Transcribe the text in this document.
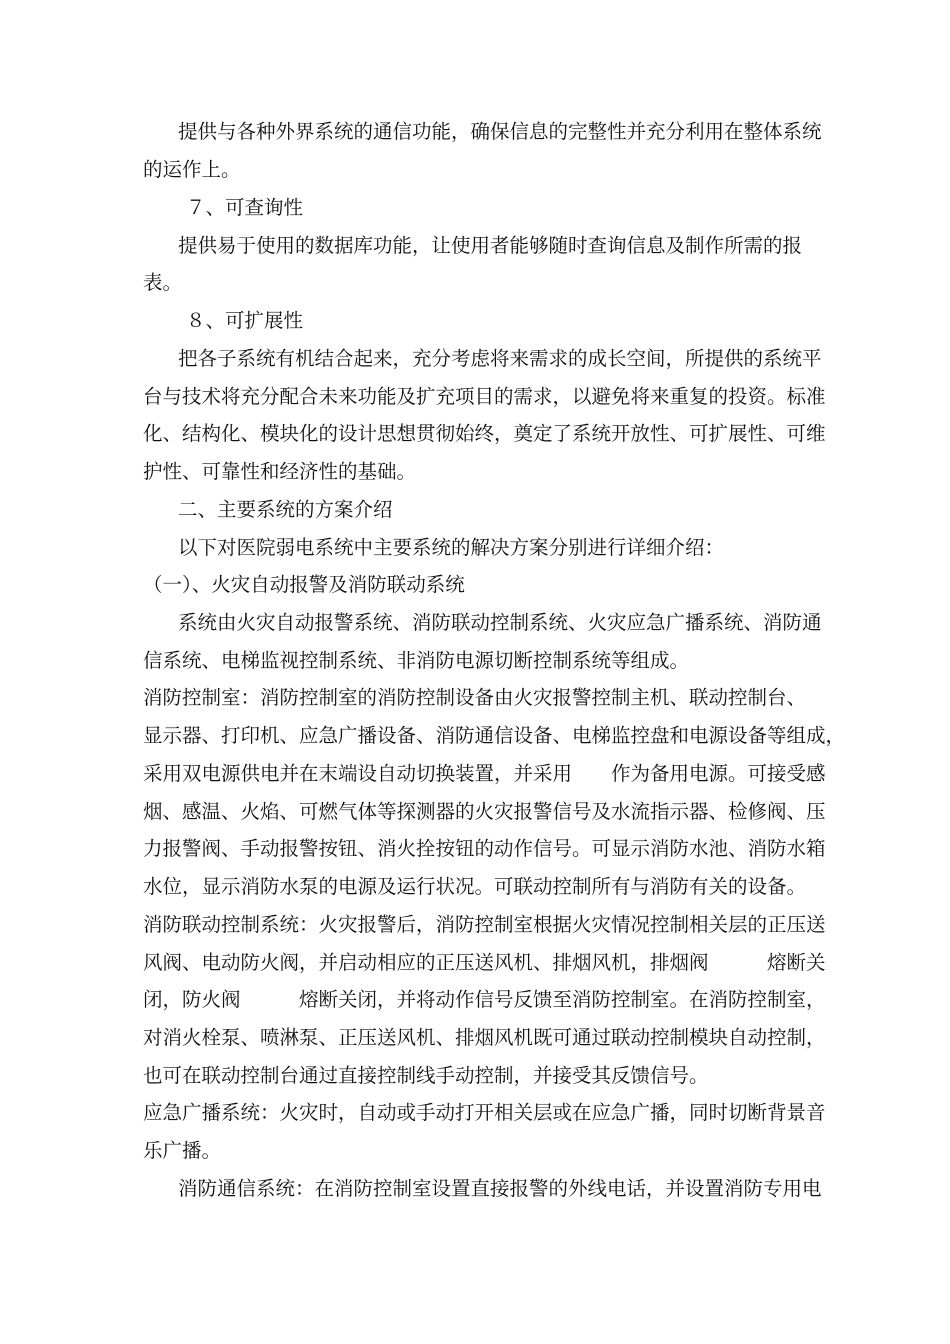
提供与各种外界系统的通信功能，确保信息的完整性并充分利用在整体系统
的运作上。
７、可查询性
提供易于使用的数据库功能，让使用者能够随时查询信息及制作所需的报
表。
８、可扩展性
把各子系统有机结合起来，充分考虑将来需求的成长空间，所提供的系统平
台与技术将充分配合未来功能及扩充项目的需求，以避免将来重复的投资。标准
化、结构化、模块化的设计思想贯彻始终，奠定了系统开放性、可扩展性、可维
护性、可靠性和经济性的基础。
二、主要系统的方案介绍
以下对医院弱电系统中主要系统的解决方案分别进行详细介绍：
（一）、火灾自动报警及消防联动系统
系统由火灾自动报警系统、消防联动控制系统、火灾应急广播系统、消防通
信系统、电梯监视控制系统、非消防电源切断控制系统等组成。
消防控制室：消防控制室的消防控制设备由火灾报警控制主机、联动控制台、
显示器、打印机、应急广播设备、消防通信设备、电梯监控盘和电源设备等组成，
采用双电源供电并在末端设自动切换装置，并采用　　作为备用电源。可接受感
烟、感温、火焰、可燃气体等探测器的火灾报警信号及水流指示器、检修阀、压
力报警阀、手动报警按钮、消火拴按钮的动作信号。可显示消防水池、消防水箱
水位，显示消防水泵的电源及运行状况。可联动控制所有与消防有关的设备。
消防联动控制系统：火灾报警后，消防控制室根据火灾情况控制相关层的正压送
风阀、电动防火阀，并启动相应的正压送风机、排烟风机，排烟阀　　　熔断关
闭，防火阀　　　熔断关闭，并将动作信号反馈至消防控制室。在消防控制室，
对消火栓泵、喷淋泵、正压送风机、排烟风机既可通过联动控制模块自动控制，
也可在联动控制台通过直接控制线手动控制，并接受其反馈信号。
应急广播系统：火灾时，自动或手动打开相关层或在应急广播，同时切断背景音
乐广播。
消防通信系统：在消防控制室设置直接报警的外线电话，并设置消防专用电
